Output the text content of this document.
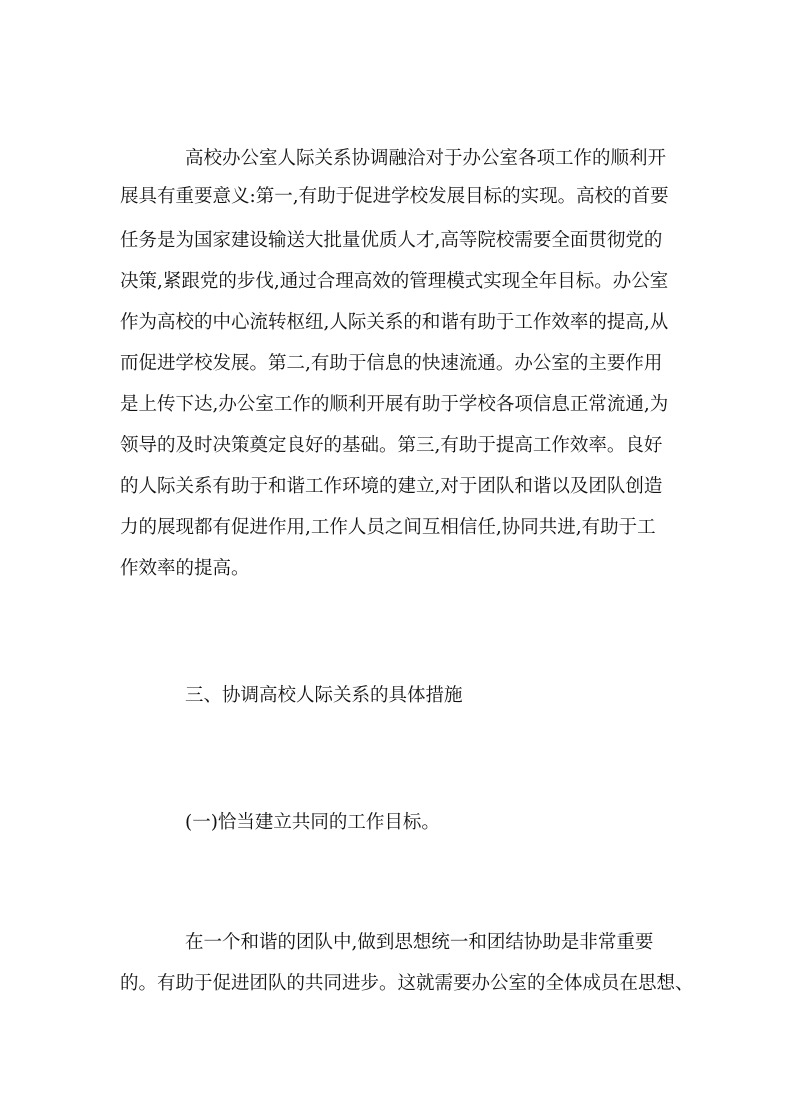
高校办公室人际关系协调融洽对于办公室各项工作的顺利开
展具有重要意义:第一,有助于促进学校发展目标的实现。高校的首要
任务是为国家建设输送大批量优质人才,高等院校需要全面贯彻党的
决策,紧跟党的步伐,通过合理高效的管理模式实现全年目标。办公室
作为高校的中心流转枢纽,人际关系的和谐有助于工作效率的提高,从
而促进学校发展。第二,有助于信息的快速流通。办公室的主要作用
是上传下达,办公室工作的顺利开展有助于学校各项信息正常流通,为
领导的及时决策奠定良好的基础。第三,有助于提高工作效率。良好
的人际关系有助于和谐工作环境的建立,对于团队和谐以及团队创造
力的展现都有促进作用,工作人员之间互相信任,协同共进,有助于工
作效率的提高。
三、协调高校人际关系的具体措施
(一)恰当建立共同的工作目标。
在一个和谐的团队中,做到思想统一和团结协助是非常重要
的。有助于促进团队的共同进步。这就需要办公室的全体成员在思想、
